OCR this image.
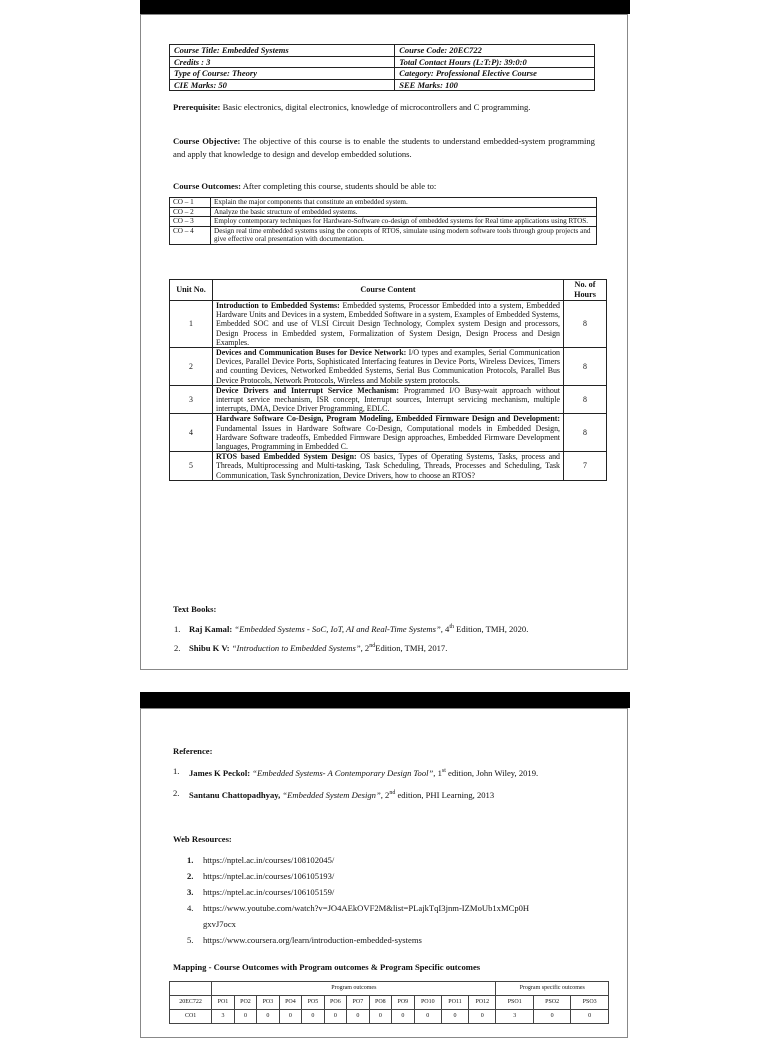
Course Title: Embedded Systems	Course Code: 20EC722
Credits : 3	Total Contact Hours (L:T:P): 39:0:0
Type of Course: Theory	Category: Professional Elective Course
CIE Marks: 50	SEE Marks: 100
Prerequisite: Basic electronics, digital electronics, knowledge of microcontrollers and C programming.
Course Objective: The objective of this course is to enable the students to understand embedded-system programming and apply that knowledge to design and develop embedded solutions.
Course Outcomes: After completing this course, students should be able to:
CO – 1	Explain the major components that constitute an embedded system.
CO – 2	Analyze the basic structure of embedded systems.
CO – 3	Employ contemporary techniques for Hardware-Software co-design of embedded systems for Real time applications using RTOS.
CO – 4	Design real time embedded systems using the concepts of RTOS, simulate using modern software tools through group projects and give effective oral presentation with documentation.
Unit No.	Course Content	No. of Hours
1	Introduction to Embedded Systems: Embedded systems, Processor Embedded into a system, Embedded Hardware Units and Devices in a system, Embedded Software in a system, Examples of Embedded Systems, Embedded SOC and use of VLSI Circuit Design Technology, Complex system Design and processors, Design Process in Embedded system, Formalization of System Design, Design Process and Design Examples.	8
2	Devices and Communication Buses for Device Network: I/O types and examples, Serial Communication Devices, Parallel Device Ports, Sophisticated Interfacing features in Device Ports, Wireless Devices, Timers and counting Devices, Networked Embedded Systems, Serial Bus Communication Protocols, Parallel Bus Device Protocols, Network Protocols, Wireless and Mobile system protocols.	8
3	Device Drivers and Interrupt Service Mechanism: Programmed I/O Busy-wait approach without interrupt service mechanism, ISR concept, Interrupt sources, Interrupt servicing mechanism, multiple interrupts, DMA, Device Driver Programming, EDLC.	8
4	Hardware Software Co-Design, Program Modeling, Embedded Firmware Design and Development: Fundamental Issues in Hardware Software Co-Design, Computational models in Embedded Design, Hardware Software tradeoffs, Embedded Firmware Design approaches, Embedded Firmware Development languages, Programming in Embedded C.	8
5	RTOS based Embedded System Design: OS basics, Types of Operating Systems, Tasks, process and Threads, Multiprocessing and Multi-tasking, Task Scheduling, Threads, Processes and Scheduling, Task Communication, Task Synchronization, Device Drivers, how to choose an RTOS?	7
Text Books:
1. Raj Kamal: “Embedded Systems - SoC, IoT, AI and Real-Time Systems”, 4th Edition, TMH, 2020.
2. Shibu K V: “Introduction to Embedded Systems”, 2ndEdition, TMH, 2017.
Reference:
1.	James K Peckol: “Embedded Systems- A Contemporary Design Tool”, 1st edition, John Wiley, 2019.
2.	Santanu Chattopadhyay, “Embedded System Design”, 2nd edition, PHI Learning, 2013
Web Resources:
1.	https://nptel.ac.in/courses/108102045/
2.	https://nptel.ac.in/courses/106105193/
3.	https://nptel.ac.in/courses/106105159/
4.	https://www.youtube.com/watch?v=JO4AEkOVF2M&list=PLajkTqI3jnm-IZMoUb1xMCp0HgxvJ7ocx
5.	https://www.coursera.org/learn/introduction-embedded-systems
Mapping - Course Outcomes with Program outcomes & Program Specific outcomes
	Program outcomes												Program specific outcomes		
20EC722	PO1	PO2	PO3	PO4	PO5	PO6	PO7	PO8	PO9	PO10	PO11	PO12	PSO1	PSO2	PSO3
CO1	3	0	0	0	0	0	0	0	0	0	0	0	3	0	0
